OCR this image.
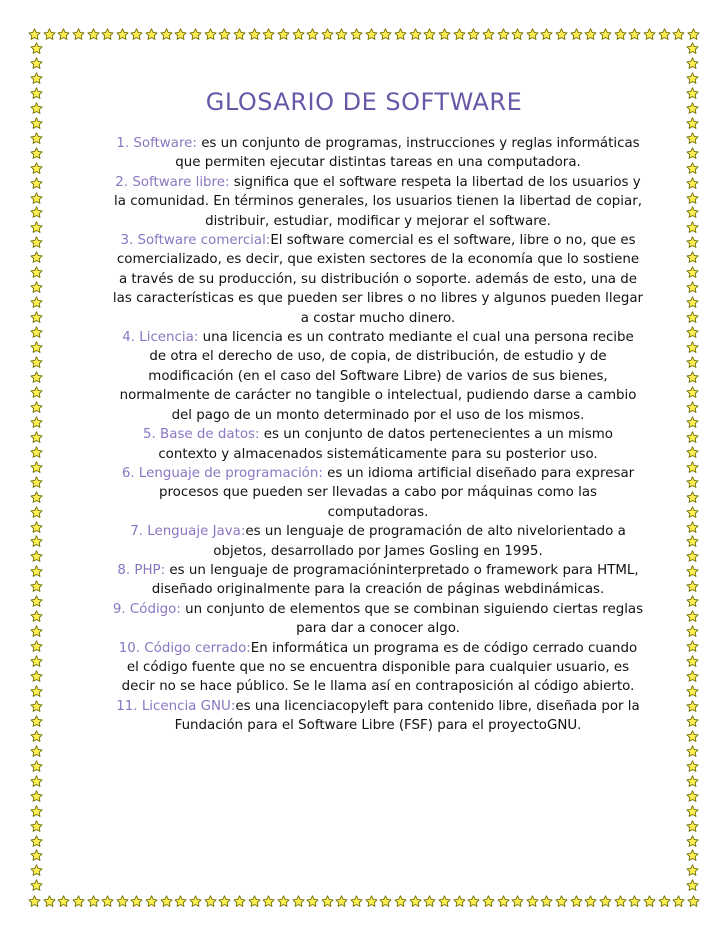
GLOSARIO DE SOFTWARE

1. Software: es un conjunto de programas, instrucciones y reglas informáticas que permiten ejecutar distintas tareas en una computadora.

2. Software libre: significa que el software respeta la libertad de los usuarios y la comunidad. En términos generales, los usuarios tienen la libertad de copiar, distribuir, estudiar, modificar y mejorar el software.

3. Software comercial:El software comercial es el software, libre o no, que es comercializado, es decir, que existen sectores de la economía que lo sostiene a través de su producción, su distribución o soporte. además de esto, una de las características es que pueden ser libres o no libres y algunos pueden llegar a costar mucho dinero.

4. Licencia: una licencia es un contrato mediante el cual una persona recibe de otra el derecho de uso, de copia, de distribución, de estudio y de modificación (en el caso del Software Libre) de varios de sus bienes, normalmente de carácter no tangible o intelectual, pudiendo darse a cambio del pago de un monto determinado por el uso de los mismos.

5. Base de datos: es un conjunto de datos pertenecientes a un mismo contexto y almacenados sistemáticamente para su posterior uso.

6. Lenguaje de programación: es un idioma artificial diseñado para expresar procesos que pueden ser llevadas a cabo por máquinas como las computadoras.

7. Lenguaje Java:es un lenguaje de programación de alto nivelorientado a objetos, desarrollado por James Gosling en 1995.

8. PHP: es un lenguaje de programacióninterpretado o framework para HTML, diseñado originalmente para la creación de páginas webdinámicas.

9. Código: un conjunto de elementos que se combinan siguiendo ciertas reglas para dar a conocer algo.

10. Código cerrado:En informática un programa es de código cerrado cuando el código fuente que no se encuentra disponible para cualquier usuario, es decir no se hace público. Se le llama así en contraposición al código abierto.

11. Licencia GNU:es una licenciacopyleft para contenido libre, diseñada por la Fundación para el Software Libre (FSF) para el proyectoGNU.
